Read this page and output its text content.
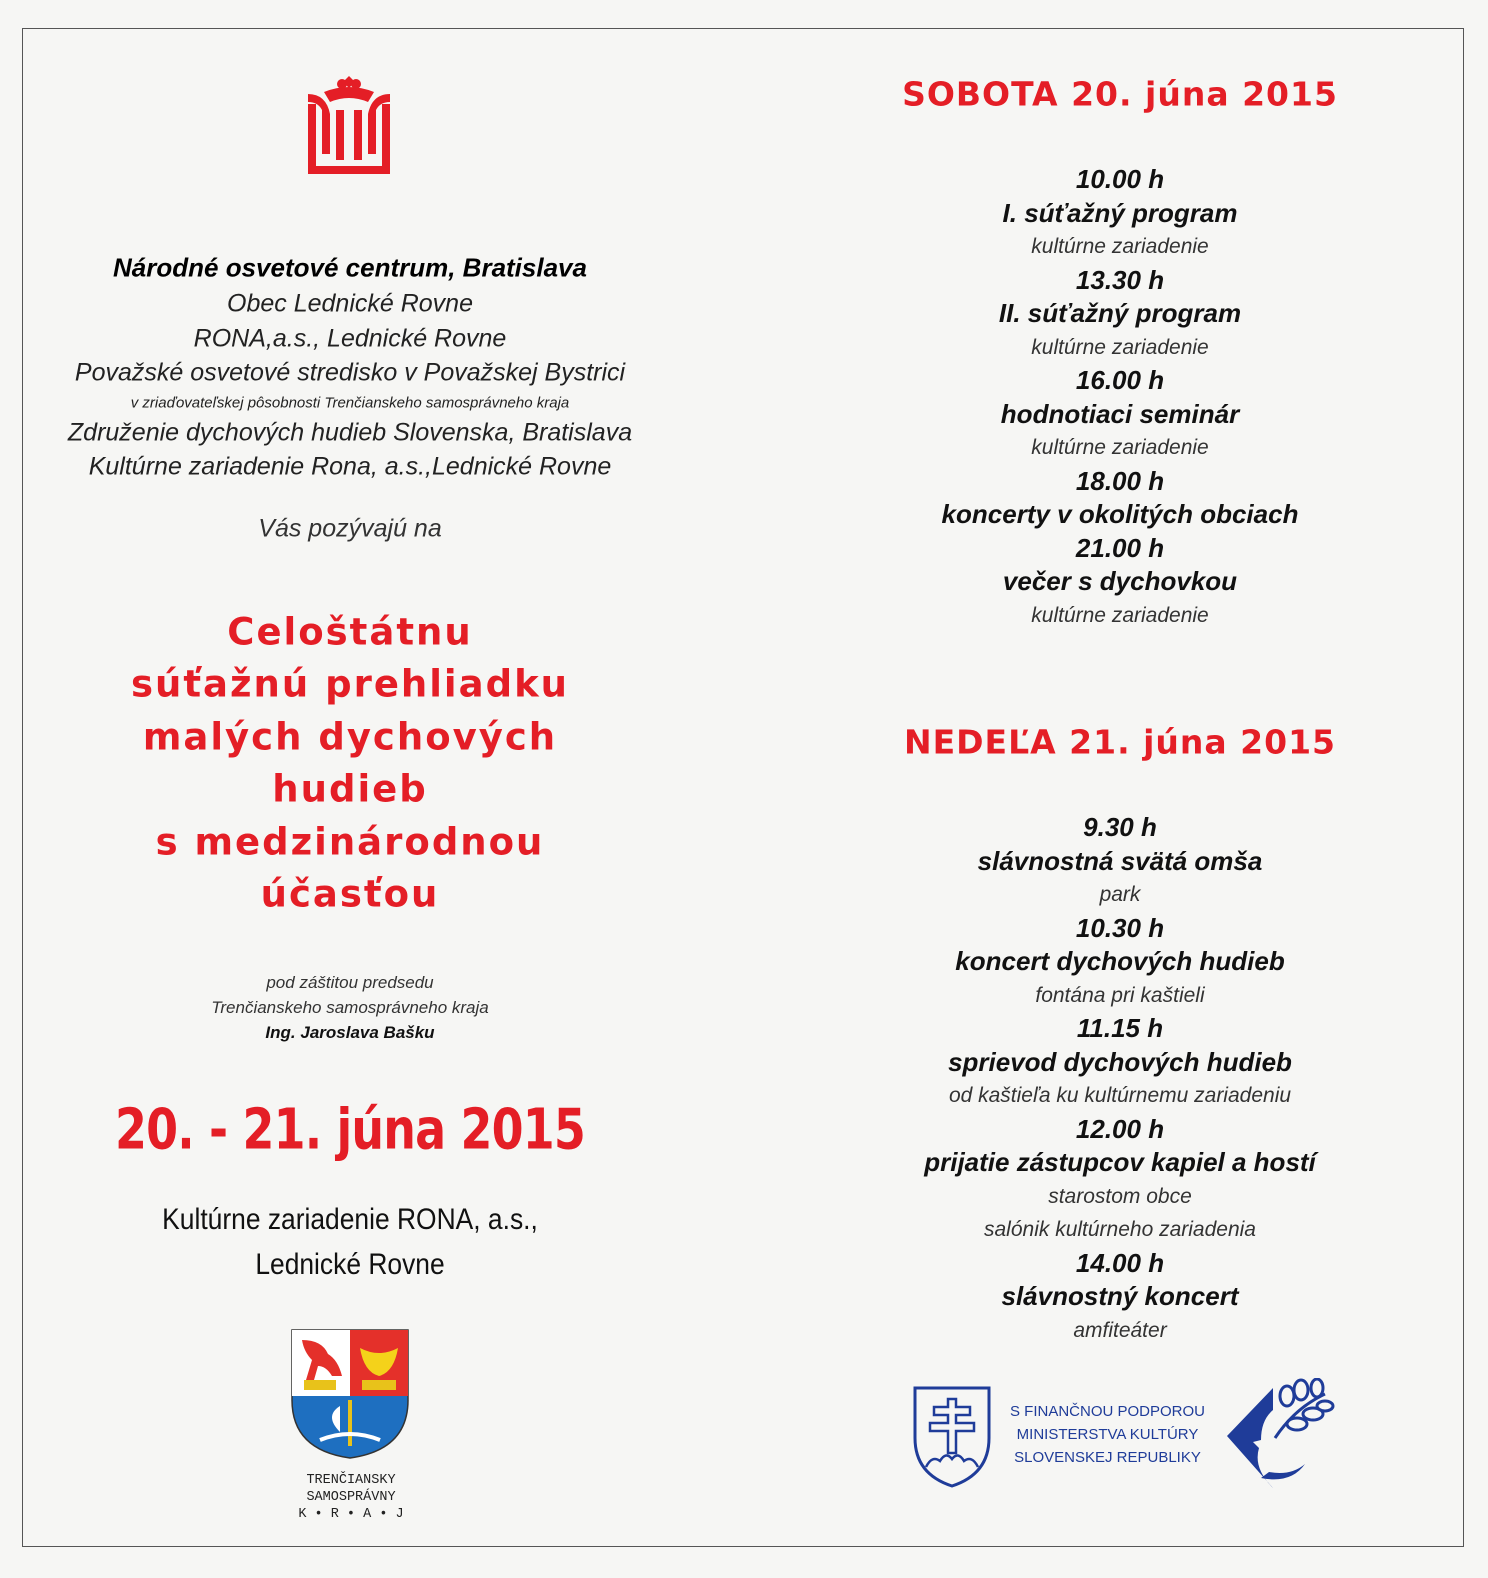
Národné osvetové centrum, Bratislava
Obec Lednické Rovne
RONA,a.s., Lednické Rovne
Považské osvetové stredisko v Považskej Bystrici
v zriaďovateľskej pôsobnosti Trenčianskeho samosprávneho kraja
Združenie dychových hudieb Slovenska, Bratislava
Kultúrne zariadenie Rona, a.s.,Lednické Rovne
Vás pozývajú na
Celoštátnu
súťažnú prehliadku
malých dychových
hudieb
s medzinárodnou
účasťou
pod záštitou predsedu
Trenčianskeho samosprávneho kraja
Ing. Jaroslava Bašku
20. - 21. júna 2015
Kultúrne zariadenie RONA, a.s.,
Lednické Rovne
TRENČIANSKY
SAMOSPRÁVNY
K • R • A • J
SOBOTA 20. júna 2015
10.00 h
I. súťažný program
kultúrne zariadenie
13.30 h
II. súťažný program
kultúrne zariadenie
16.00 h
hodnotiaci seminár
kultúrne zariadenie
18.00 h
koncerty v okolitých obciach
21.00 h
večer s dychovkou
kultúrne zariadenie
NEDEĽA 21. júna 2015
9.30 h
slávnostná svätá omša
park
10.30 h
koncert dychových hudieb
fontána pri kaštieli
11.15 h
sprievod dychových hudieb
od kaštieľa ku kultúrnemu zariadeniu
12.00 h
prijatie zástupcov kapiel a hostí
starostom obce
salónik kultúrneho zariadenia
14.00 h
slávnostný koncert
amfiteáter
S FINANČNOU PODPOROU
MINISTERSTVA KULTÚRY
SLOVENSKEJ REPUBLIKY
